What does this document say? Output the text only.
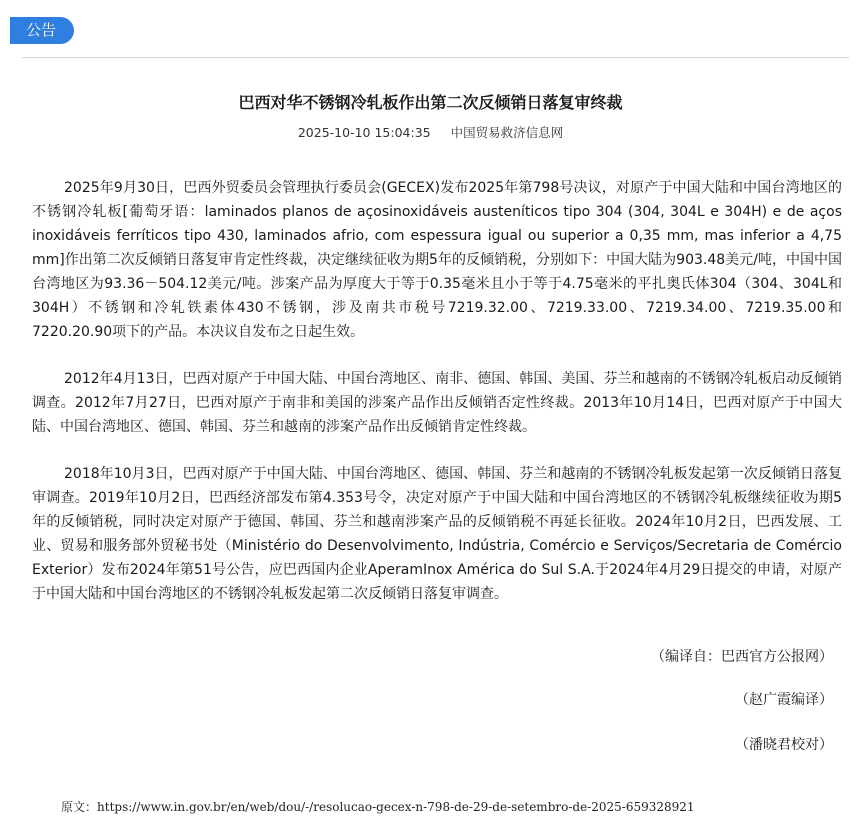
公告
巴西对华不锈钢冷轧板作出第二次反倾销日落复审终裁
2025-10-10 15:04:35 中国贸易救济信息网

2025年9月30日，巴西外贸委员会管理执行委员会(GECEX)发布2025年第798号决议，对原产于中国大陆和中国台湾地区的不锈钢冷轧板[葡萄牙语：laminados planos de açosinoxidáveis austeníticos tipo 304 (304, 304L e 304H) e de aços inoxidáveis ferríticos tipo 430, laminados afrio, com espessura igual ou superior a 0,35 mm, mas inferior a 4,75 mm]作出第二次反倾销日落复审肯定性终裁，决定继续征收为期5年的反倾销税，分别如下：中国大陆为903.48美元/吨，中国中国台湾地区为93.36－504.12美元/吨。涉案产品为厚度大于等于0.35毫米且小于等于4.75毫米的平扎奥氏体304（304、304L和304H）不锈钢和冷轧铁素体430不锈钢，涉及南共市税号7219.32.00、7219.33.00、7219.34.00、7219.35.00和7220.20.90项下的产品。本决议自发布之日起生效。

2012年4月13日，巴西对原产于中国大陆、中国台湾地区、南非、德国、韩国、美国、芬兰和越南的不锈钢冷轧板启动反倾销调查。2012年7月27日，巴西对原产于南非和美国的涉案产品作出反倾销否定性终裁。2013年10月14日，巴西对原产于中国大陆、中国台湾地区、德国、韩国、芬兰和越南的涉案产品作出反倾销肯定性终裁。

2018年10月3日，巴西对原产于中国大陆、中国台湾地区、德国、韩国、芬兰和越南的不锈钢冷轧板发起第一次反倾销日落复审调查。2019年10月2日，巴西经济部发布第4.353号令，决定对原产于中国大陆和中国台湾地区的不锈钢冷轧板继续征收为期5年的反倾销税，同时决定对原产于德国、韩国、芬兰和越南涉案产品的反倾销税不再延长征收。2024年10月2日，巴西发展、工业、贸易和服务部外贸秘书处（Ministério do Desenvolvimento, Indústria, Comércio e Serviços/Secretaria de Comércio Exterior）发布2024年第51号公告，应巴西国内企业AperamInox América do Sul S.A.于2024年4月29日提交的申请，对原产于中国大陆和中国台湾地区的不锈钢冷轧板发起第二次反倾销日落复审调查。

（编译自：巴西官方公报网）
（赵广霞编译）
（潘晓君校对）
原文：https://www.in.gov.br/en/web/dou/-/resolucao-gecex-n-798-de-29-de-setembro-de-2025-659328921
